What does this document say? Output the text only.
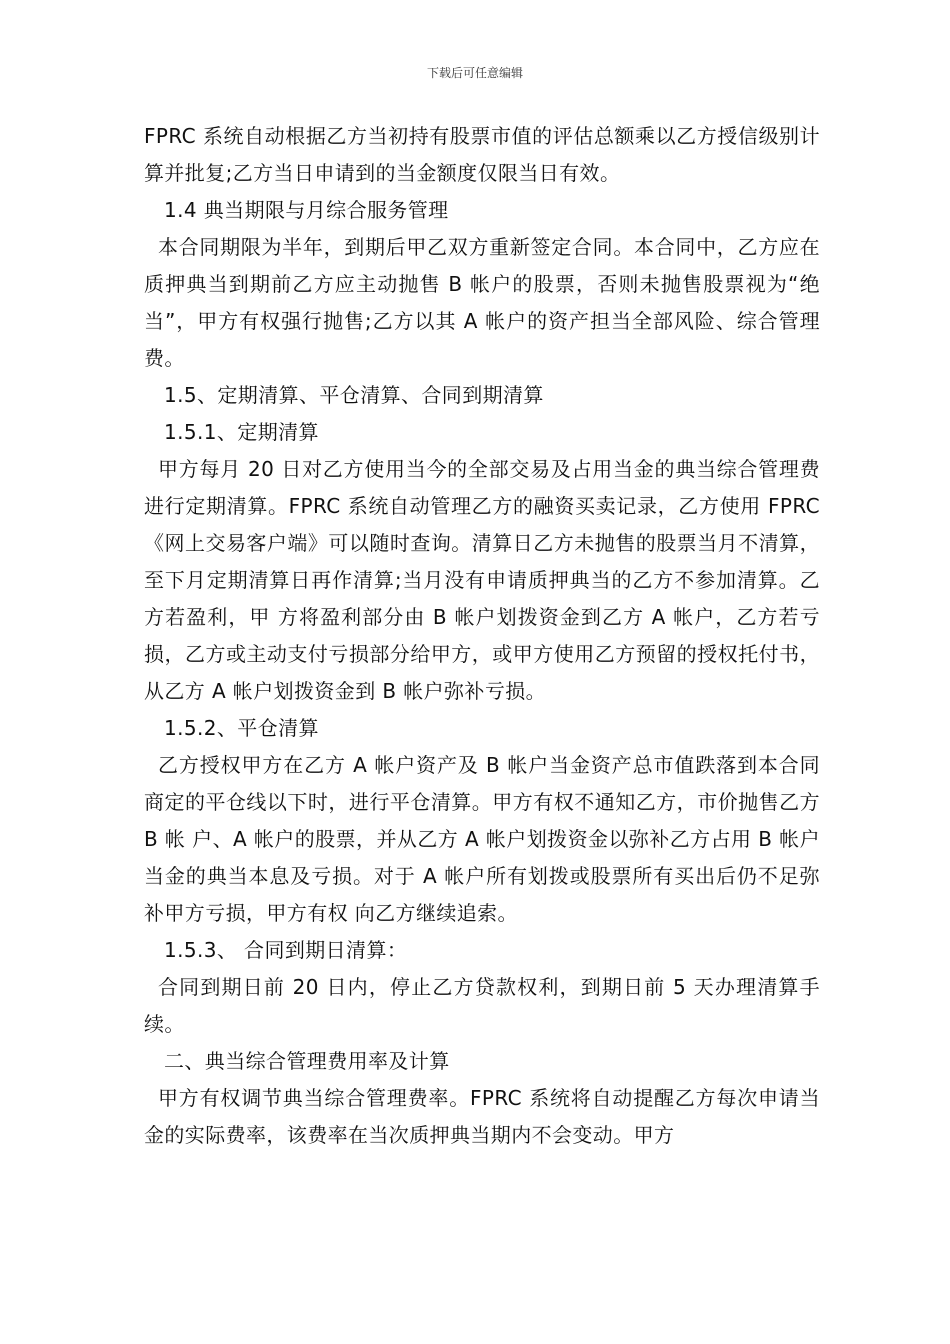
下载后可任意编辑

FPRC 系统自动根据乙方当初持有股票市值的评估总额乘以乙方授信级别计算并批复;乙方当日申请到的当金额度仅限当日有效。

1.4 典当期限与月综合服务管理

本合同期限为半年，到期后甲乙双方重新签定合同。本合同中，乙方应在质押典当到期前乙方应主动抛售 B 帐户的股票，否则未抛售股票视为“绝当”，甲方有权强行抛售;乙方以其 A 帐户的资产担当全部风险、综合管理费。

1.5、定期清算、平仓清算、合同到期清算

1.5.1、定期清算

甲方每月 20 日对乙方使用当今的全部交易及占用当金的典当综合管理费进行定期清算。FPRC 系统自动管理乙方的融资买卖记录，乙方使用 FPRC 《网上交易客户端》可以随时查询。清算日乙方未抛售的股票当月不清算，至下月定期清算日再作清算;当月没有申请质押典当的乙方不参加清算。乙方若盈利，甲 方将盈利部分由 B 帐户划拨资金到乙方 A 帐户，乙方若亏损，乙方或主动支付亏损部分给甲方，或甲方使用乙方预留的授权托付书，从乙方 A 帐户划拨资金到 B 帐户弥补亏损。

1.5.2、平仓清算

乙方授权甲方在乙方 A 帐户资产及 B 帐户当金资产总市值跌落到本合同商定的平仓线以下时，进行平仓清算。甲方有权不通知乙方，市价抛售乙方 B 帐 户、A 帐户的股票，并从乙方 A 帐户划拨资金以弥补乙方占用 B 帐户当金的典当本息及亏损。对于 A 帐户所有划拨或股票所有买出后仍不足弥补甲方亏损，甲方有权 向乙方继续追索。

1.5.3、 合同到期日清算：

合同到期日前 20 日内，停止乙方贷款权利，到期日前 5 天办理清算手续。

二、典当综合管理费用率及计算

甲方有权调节典当综合管理费率。FPRC 系统将自动提醒乙方每次申请当金的实际费率，该费率在当次质押典当期内不会变动。甲方
